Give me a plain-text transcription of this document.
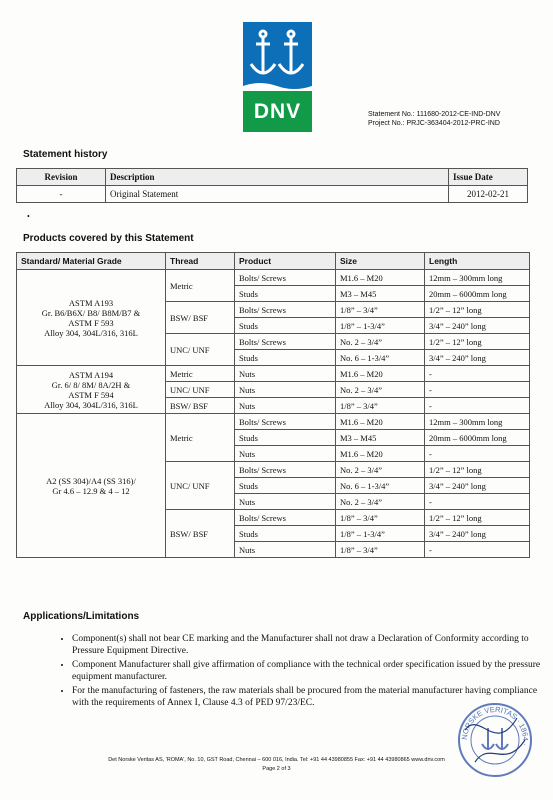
DNV	Statement No.: 111680-2012-CE-IND-DNV
Project No.: PRJC-363404-2012-PRC-IND
Statement history
Revision	Description	Issue Date
-	Original Statement	2012-02-21
•
Products covered by this Statement
Standard/ Material Grade	Thread	Product	Size	Length
ASTM A193
Gr. B6/B6X/ B8/ B8M/B7 &
ASTM F 593
Alloy 304, 304L/316, 316L	Metric	Bolts/ Screws	M1.6 – M20	12mm – 300mm long
		Studs	M3 – M45	20mm – 6000mm long
	BSW/ BSF	Bolts/ Screws	1/8” – 3/4”	1/2” – 12” long
		Studs	1/8” – 1-3/4”	3/4” – 240” long
	UNC/ UNF	Bolts/ Screws	No. 2 – 3/4”	1/2” – 12” long
		Studs	No. 6 – 1-3/4”	3/4” – 240” long
ASTM A194
Gr. 6/ 8/ 8M/ 8A/2H &
ASTM F 594
Alloy 304, 304L/316, 316L	Metric	Nuts	M1.6 – M20	-
	UNC/ UNF	Nuts	No. 2 – 3/4”	-
	BSW/ BSF	Nuts	1/8” – 3/4”	-
A2 (SS 304)/A4 (SS 316)/
Gr 4.6 – 12.9 & 4 – 12	Metric	Bolts/ Screws	M1.6 – M20	12mm – 300mm long
		Studs	M3 – M45	20mm – 6000mm long
		Nuts	M1.6 – M20	-
	UNC/ UNF	Bolts/ Screws	No. 2 – 3/4”	1/2” – 12” long
		Studs	No. 6 – 1-3/4”	3/4” – 240” long
		Nuts	No. 2 – 3/4”	-
	BSW/ BSF	Bolts/ Screws	1/8” – 3/4”	1/2” – 12” long
		Studs	1/8” – 1-3/4”	3/4” – 240” long
		Nuts	1/8” – 3/4”	-
Applications/Limitations
• Component(s) shall not bear CE marking and the Manufacturer shall not draw a Declaration of Conformity according to Pressure Equipment Directive.
• Component Manufacturer shall give affirmation of compliance with the technical order specification issued by the pressure equipment manufacturer.
• For the manufacturing of fasteners, the raw materials shall be procured from the material manufacturer having compliance with the requirements of Annex I, Clause 4.3 of PED 97/23/EC.
Det Norske Veritas AS, 'ROMA', No. 10, GST Road, Chennai – 600 016, India. Tel: +91 44 43980855 Fax: +91 44 43980865 www.dnv.com
Page 2 of 3
NORSKE VERITAS · 1864 ·
